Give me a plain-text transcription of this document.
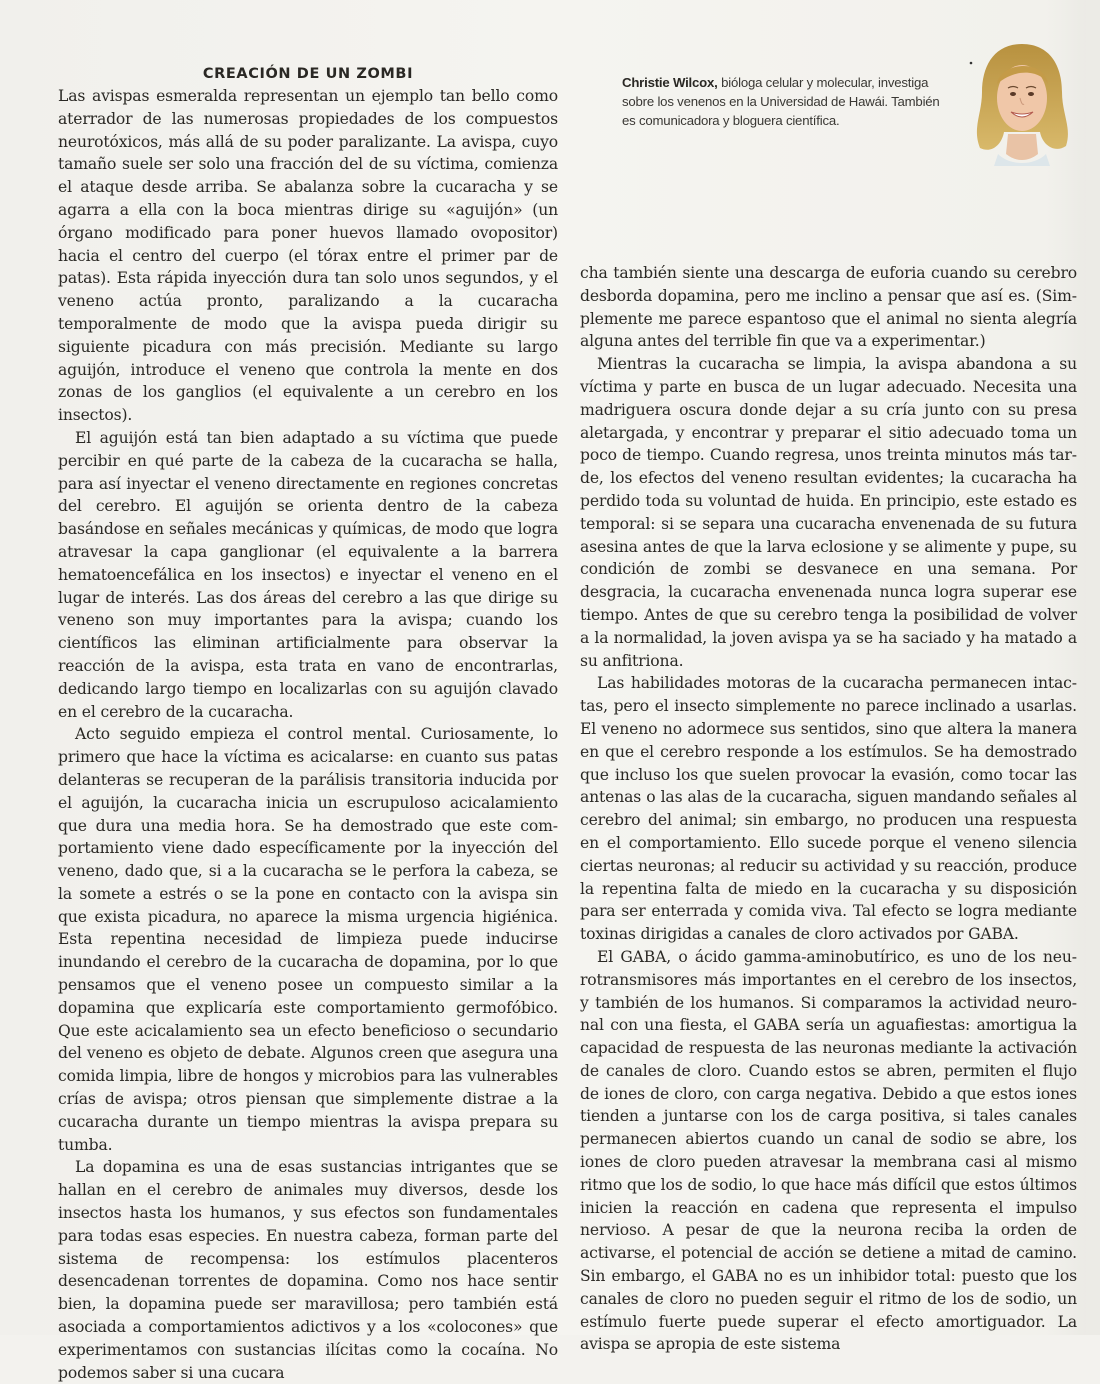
CREACIÓN DE UN ZOMBI

Las avispas esmeralda representan un ejemplo tan bello como aterrador de las numerosas propiedades de los compuestos neurotóxicos, más allá de su poder paralizante. La avispa, cuyo tamaño suele ser solo una fracción del de su víctima, comienza el ataque desde arriba. Se abalanza sobre la cucaracha y se agarra a ella con la boca mientras dirige su «aguijón» (un órgano modificado para poner huevos llamado ovopositor) hacia el centro del cuerpo (el tórax entre el primer par de patas). Esta rápida inyección dura tan solo unos segundos, y el veneno actúa pronto, paralizando a la cucaracha temporalmente de modo que la avispa pueda dirigir su siguiente picadura con más precisión. Mediante su largo aguijón, introduce el veneno que controla la mente en dos zonas de los ganglios (el equivalente a un cerebro en los insectos).

El aguijón está tan bien adaptado a su víctima que puede percibir en qué parte de la cabeza de la cucaracha se halla, para así inyectar el veneno directamente en regiones concretas del cerebro. El aguijón se orienta dentro de la cabeza basándose en señales mecánicas y químicas, de modo que logra atravesar la capa ganglionar (el equivalente a la barrera hematoencefálica en los insectos) e inyectar el veneno en el lugar de interés. Las dos áreas del cerebro a las que dirige su veneno son muy importantes para la avispa; cuando los científicos las eliminan artificialmente para observar la reacción de la avispa, esta trata en vano de encontrarlas, dedicando largo tiempo en localizarlas con su aguijón clavado en el cerebro de la cucaracha.

Acto seguido empieza el control mental. Curiosamente, lo primero que hace la víctima es acicalarse: en cuanto sus patas delanteras se recuperan de la parálisis transitoria inducida por el aguijón, la cucaracha inicia un escrupuloso acicalamiento que dura una media hora. Se ha demostrado que este comportamiento viene dado específicamente por la inyección del veneno, dado que, si a la cucaracha se le perfora la cabeza, se la somete a estrés o se la pone en contacto con la avispa sin que exista picadura, no aparece la misma urgencia higiénica. Esta repentina necesidad de limpieza puede inducirse inundando el cerebro de la cucaracha de dopamina, por lo que pensamos que el veneno posee un compuesto similar a la dopamina que explicaría este comportamiento germofóbico. Que este acicalamiento sea un efecto beneficioso o secundario del veneno es objeto de debate. Algunos creen que asegura una comida limpia, libre de hongos y microbios para las vulnerables crías de avispa; otros piensan que simplemente distrae a la cucaracha durante un tiempo mientras la avispa prepara su tumba.

La dopamina es una de esas sustancias intrigantes que se hallan en el cerebro de animales muy diversos, desde los insectos hasta los humanos, y sus efectos son fundamentales para todas esas especies. En nuestra cabeza, forman parte del sistema de recompensa: los estímulos placenteros desencadenan torrentes de dopamina. Como nos hace sentir bien, la dopamina puede ser maravillosa; pero también está asociada a comportamientos adictivos y a los «colocones» que experimentamos con sustancias ilícitas como la cocaína. No podemos saber si una cucara

Christie Wilcox, bióloga celular y molecular, investiga sobre los venenos en la Universidad de Hawái. También es comunicadora y bloguera científica.

cha también siente una descarga de euforia cuando su cerebro desborda dopamina, pero me inclino a pensar que así es. (Simplemente me parece espantoso que el animal no sienta alegría alguna antes del terrible fin que va a experimentar.)

Mientras la cucaracha se limpia, la avispa abandona a su víctima y parte en busca de un lugar adecuado. Necesita una madriguera oscura donde dejar a su cría junto con su presa aletargada, y encontrar y preparar el sitio adecuado toma un poco de tiempo. Cuando regresa, unos treinta minutos más tarde, los efectos del veneno resultan evidentes; la cucaracha ha perdido toda su voluntad de huida. En principio, este estado es temporal: si se separa una cucaracha envenenada de su futura asesina antes de que la larva eclosione y se alimente y pupe, su condición de zombi se desvanece en una semana. Por desgracia, la cucaracha envenenada nunca logra superar ese tiempo. Antes de que su cerebro tenga la posibilidad de volver a la normalidad, la joven avispa ya se ha saciado y ha matado a su anfitriona.

Las habilidades motoras de la cucaracha permanecen intactas, pero el insecto simplemente no parece inclinado a usarlas. El veneno no adormece sus sentidos, sino que altera la manera en que el cerebro responde a los estímulos. Se ha demostrado que incluso los que suelen provocar la evasión, como tocar las antenas o las alas de la cucaracha, siguen mandando señales al cerebro del animal; sin embargo, no producen una respuesta en el comportamiento. Ello sucede porque el veneno silencia ciertas neuronas; al reducir su actividad y su reacción, produce la repentina falta de miedo en la cucaracha y su disposición para ser enterrada y comida viva. Tal efecto se logra mediante toxinas dirigidas a canales de cloro activados por GABA.

El GABA, o ácido gamma-aminobutírico, es uno de los neurotransmisores más importantes en el cerebro de los insectos, y también de los humanos. Si comparamos la actividad neuronal con una fiesta, el GABA sería un aguafiestas: amortigua la capacidad de respuesta de las neuronas mediante la activación de canales de cloro. Cuando estos se abren, permiten el flujo de iones de cloro, con carga negativa. Debido a que estos iones tienden a juntarse con los de carga positiva, si tales canales permanecen abiertos cuando un canal de sodio se abre, los iones de cloro pueden atravesar la membrana casi al mismo ritmo que los de sodio, lo que hace más difícil que estos últimos inicien la reacción en cadena que representa el impulso nervioso. A pesar de que la neurona reciba la orden de activarse, el potencial de acción se detiene a mitad de camino. Sin embargo, el GABA no es un inhibidor total: puesto que los canales de cloro no pueden seguir el ritmo de los de sodio, un estímulo fuerte puede superar el efecto amortiguador. La avispa se apropia de este sistema
